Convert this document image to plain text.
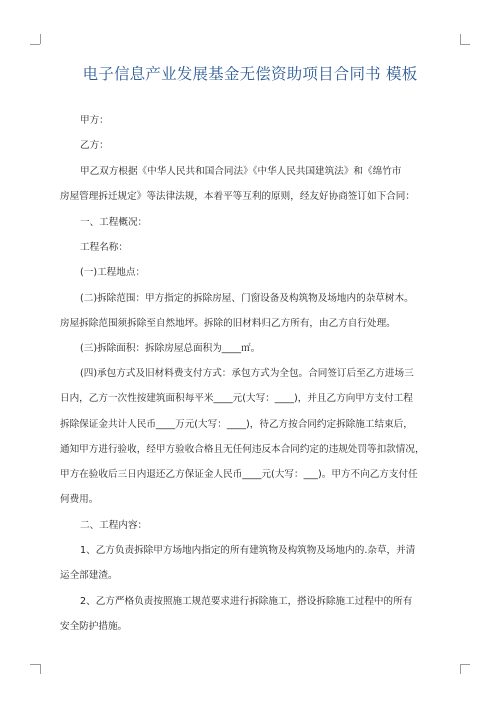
电子信息产业发展基金无偿资助项目合同书 模板
甲方：
乙方：
甲乙双方根据《中华人民共和国合同法》《中华人民共国建筑法》和《绵竹市
房屋管理拆迁规定》等法律法规，本着平等互利的原则，经友好协商签订如下合同：
一、工程概况：
工程名称：
(一)工程地点：
(二)拆除范围：甲方指定的拆除房屋、门窗设备及构筑物及场地内的杂草树木。
房屋拆除范围须拆除至自然地坪。拆除的旧材料归乙方所有，由乙方自行处理。
(三)拆除面积：拆除房屋总面积为____㎡。
(四)承包方式及旧材料费支付方式：承包方式为全包。合同签订后至乙方进场三
日内，乙方一次性按建筑面积每平米____元(大写：____)，并且乙方向甲方支付工程
拆除保证金共计人民币____万元(大写：____)，待乙方按合同约定拆除施工结束后，
通知甲方进行验收，经甲方验收合格且无任何违反本合同约定的违规处罚等扣款情况，
甲方在验收后三日内退还乙方保证金人民币____元(大写：___)。甲方不向乙方支付任
何费用。
二、工程内容：
1、乙方负责拆除甲方场地内指定的所有建筑物及构筑物及场地内的.杂草，并清
运全部建渣。
2、乙方严格负责按照施工规范要求进行拆除施工，搭设拆除施工过程中的所有
安全防护措施。
